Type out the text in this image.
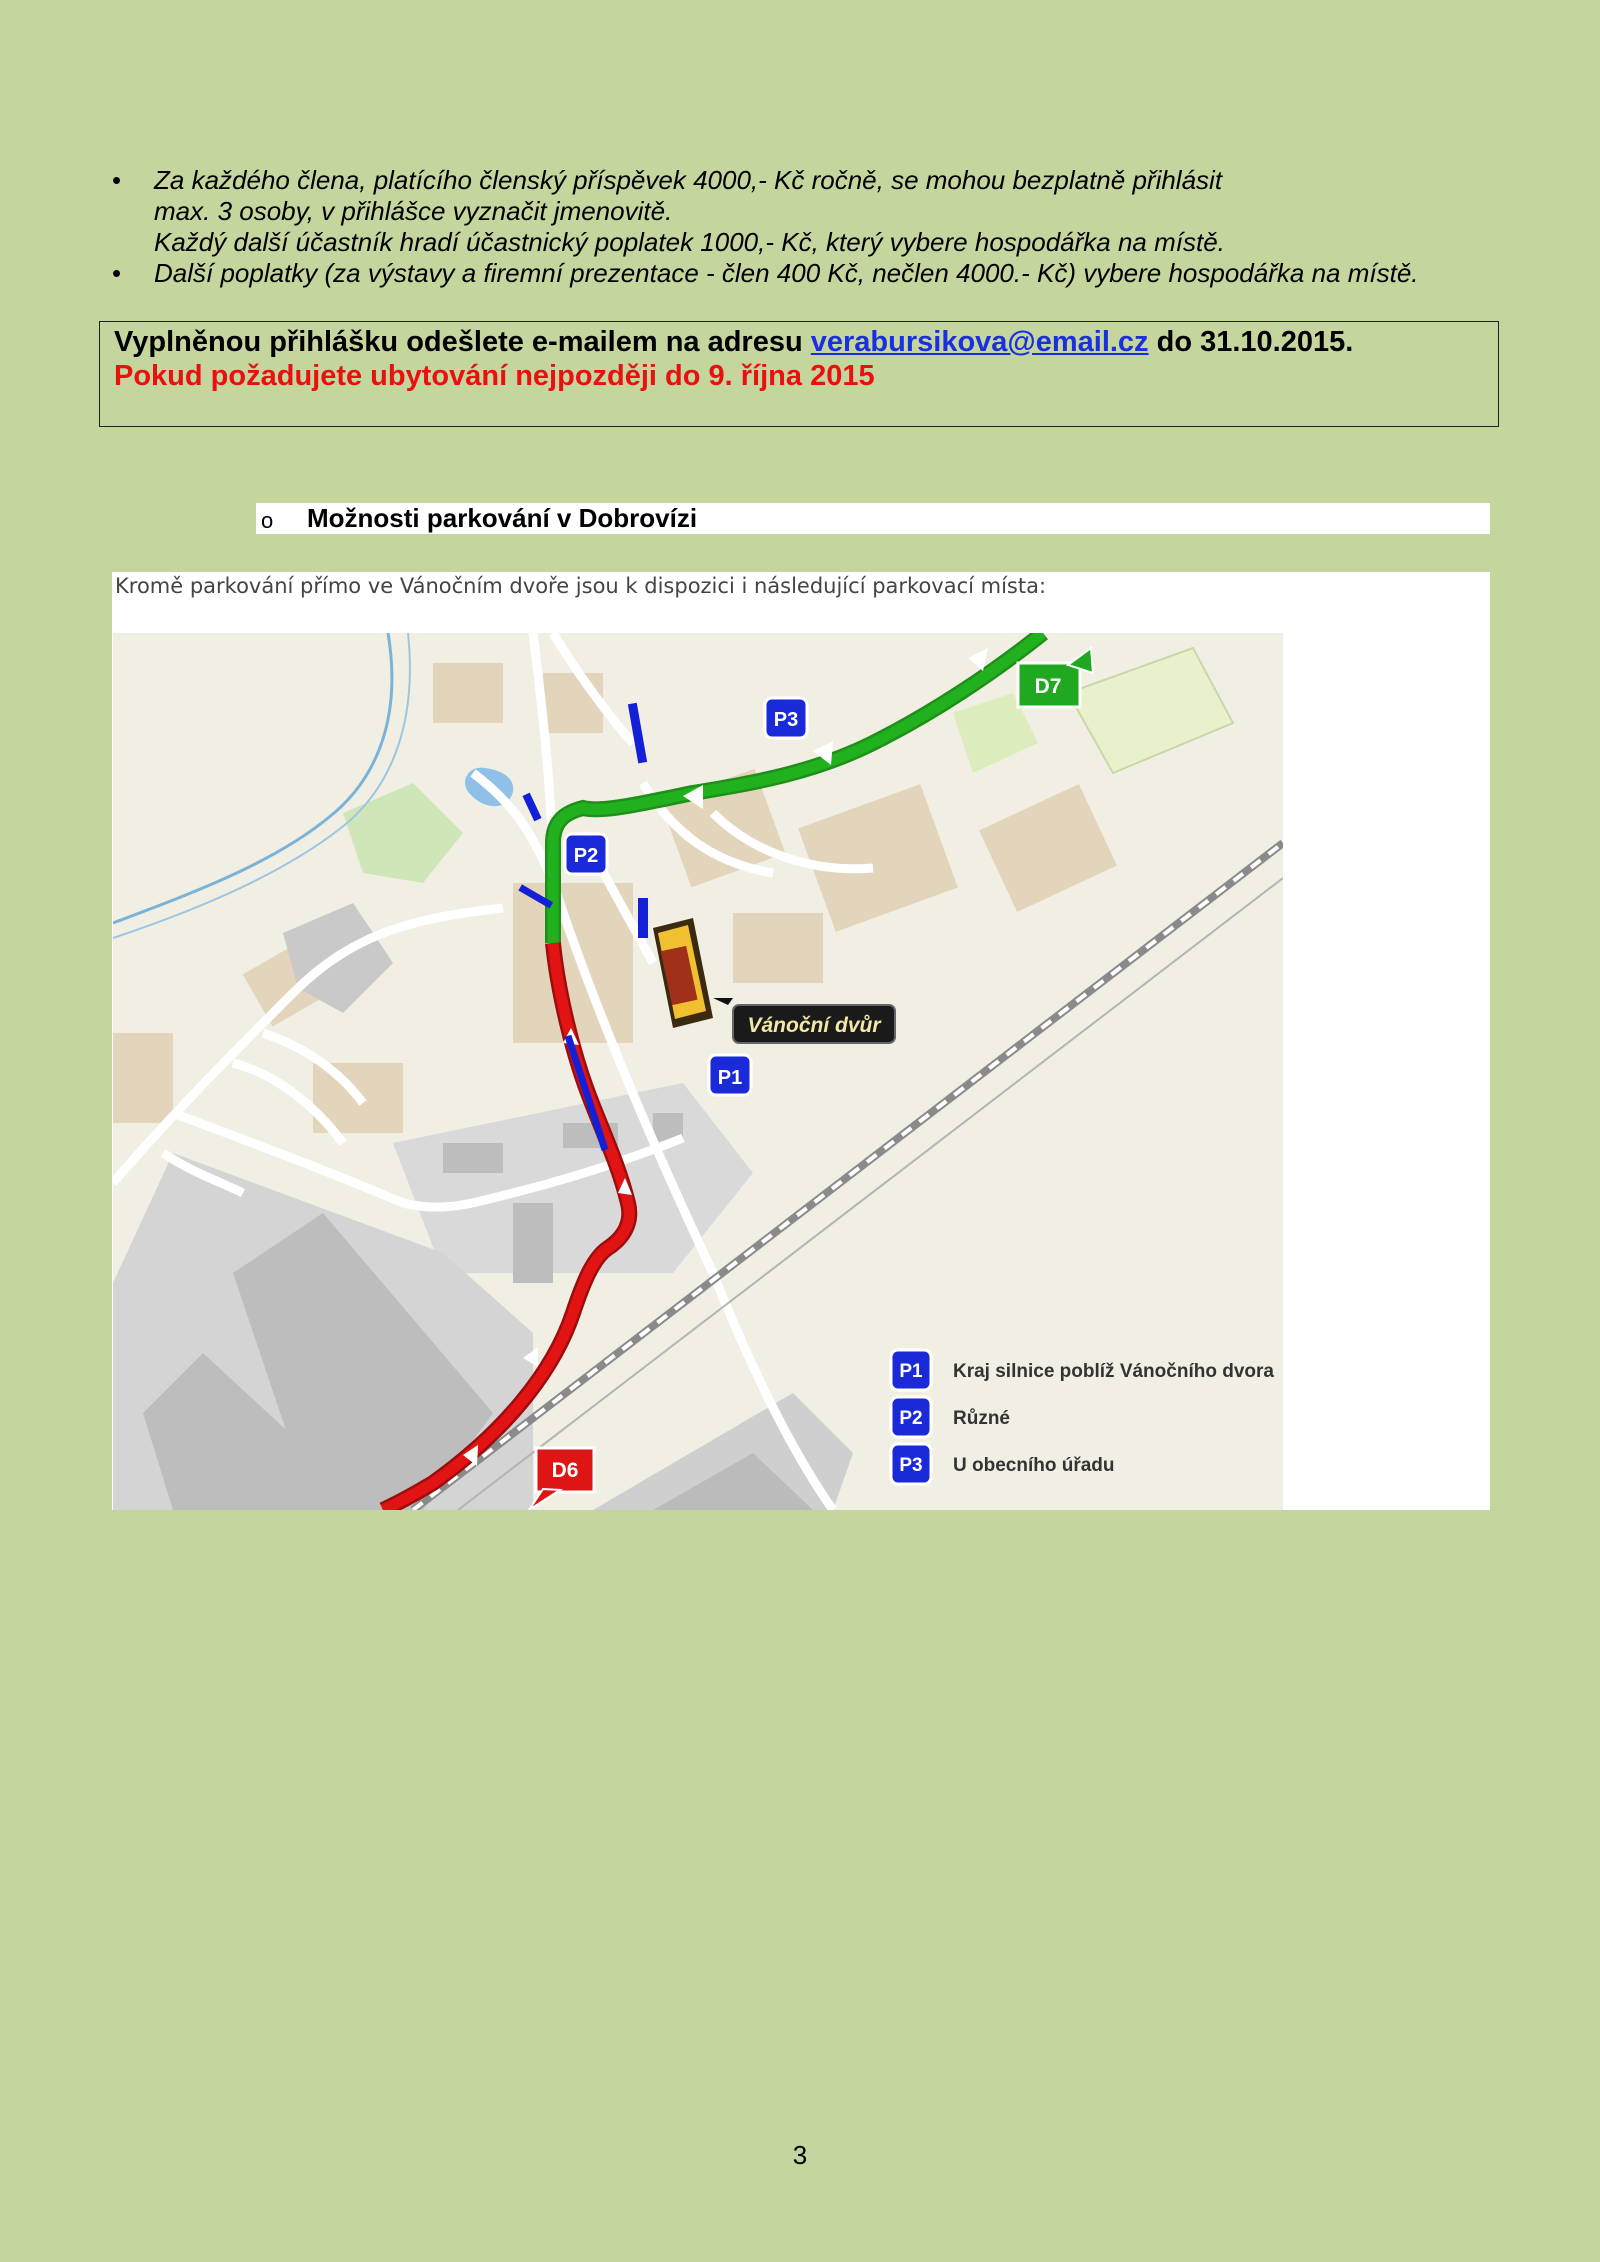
• Za každého člena, platícího členský příspěvek 4000,- Kč ročně, se mohou bezplatně přihlásit
max. 3 osoby, v přihlášce vyznačit jmenovitě.
Každý další účastník hradí účastnický poplatek 1000,- Kč, který vybere hospodářka na místě.
• Další poplatky (za výstavy a firemní prezentace - člen 400 Kč, nečlen 4000.- Kč) vybere hospodářka na místě.
Vyplněnou přihlášku odešlete e-mailem na adresu verabursikova@email.cz do 31.10.2015.
Pokud požadujete ubytování nejpozději do 9. října 2015
o Možnosti parkování v Dobrovízi
Kromě parkování přímo ve Vánočním dvoře jsou k dispozici i následující parkovací místa:
Vánoční dvůr
P1
P2
P3
D7
D6
P1 Kraj silnice poblíž Vánočního dvora
P2 Různé
P3 U obecního úřadu
3
